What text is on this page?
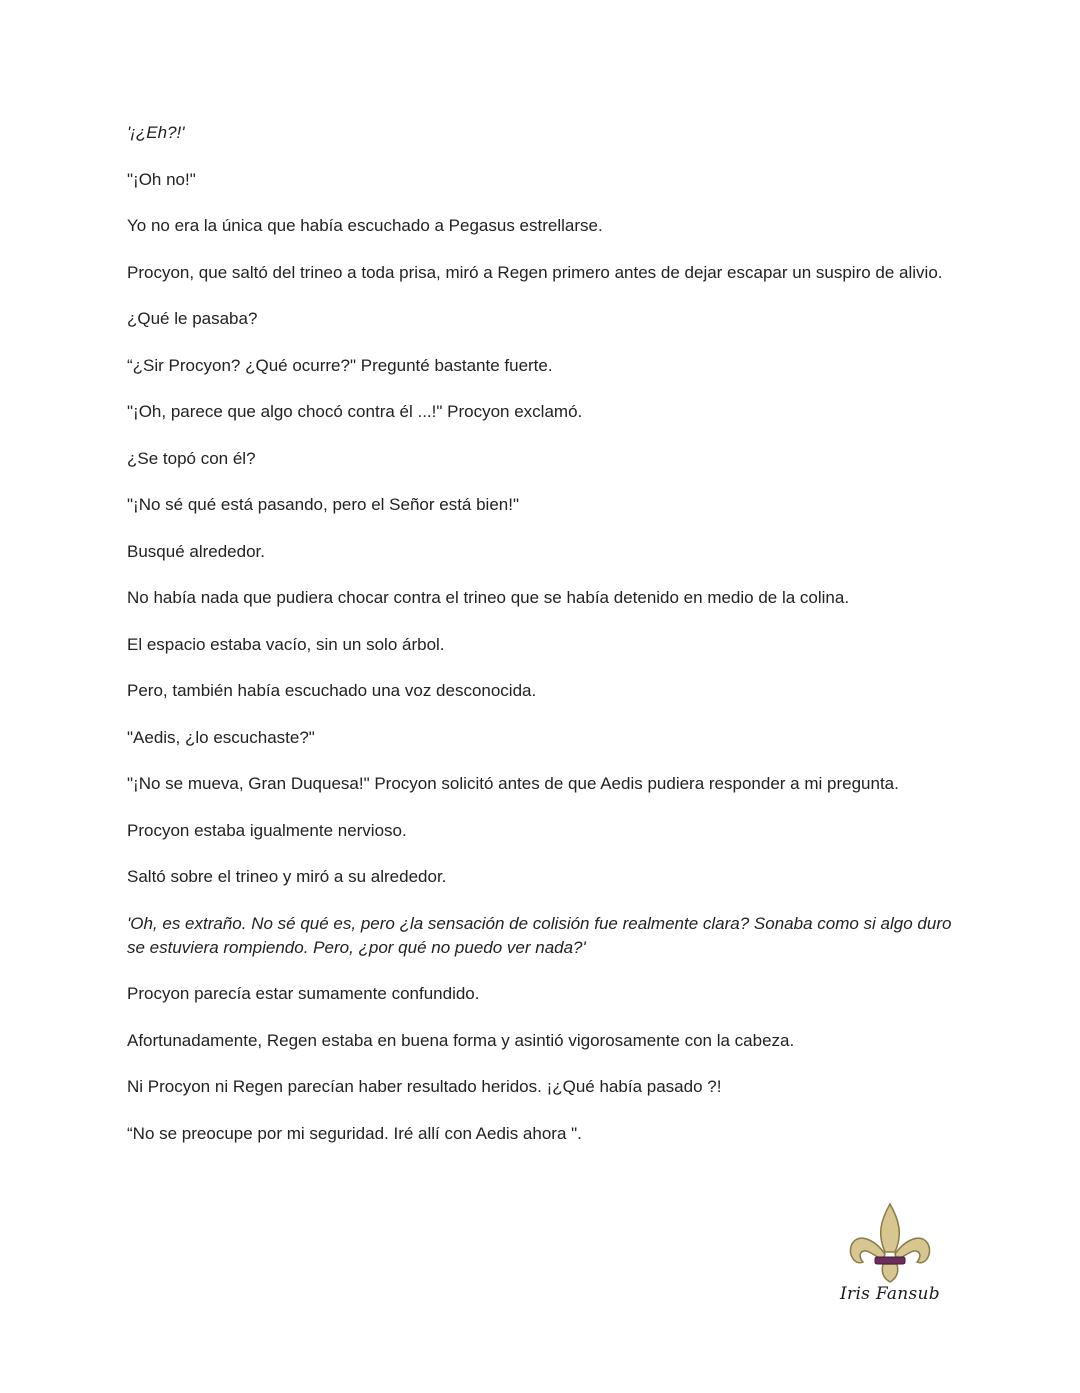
'¡¿Eh?!'

"¡Oh no!"

Yo no era la única que había escuchado a Pegasus estrellarse.

Procyon, que saltó del trineo a toda prisa, miró a Regen primero antes de dejar escapar un suspiro de alivio.

¿Qué le pasaba?

“¿Sir Procyon? ¿Qué ocurre?" Pregunté bastante fuerte.

"¡Oh, parece que algo chocó contra él ...!" Procyon exclamó.

¿Se topó con él?

"¡No sé qué está pasando, pero el Señor está bien!"

Busqué alrededor.

No había nada que pudiera chocar contra el trineo que se había detenido en medio de la colina.

El espacio estaba vacío, sin un solo árbol.

Pero, también había escuchado una voz desconocida.

"Aedis, ¿lo escuchaste?"

"¡No se mueva, Gran Duquesa!" Procyon solicitó antes de que Aedis pudiera responder a mi pregunta.

Procyon estaba igualmente nervioso.

Saltó sobre el trineo y miró a su alrededor.

'Oh, es extraño. No sé qué es, pero ¿la sensación de colisión fue realmente clara? Sonaba como si algo duro se estuviera rompiendo. Pero, ¿por qué no puedo ver nada?'

Procyon parecía estar sumamente confundido.

Afortunadamente, Regen estaba en buena forma y asintió vigorosamente con la cabeza.

Ni Procyon ni Regen parecían haber resultado heridos. ¡¿Qué había pasado ?!

“No se preocupe por mi seguridad. Iré allí con Aedis ahora ".

Iris Fansub
